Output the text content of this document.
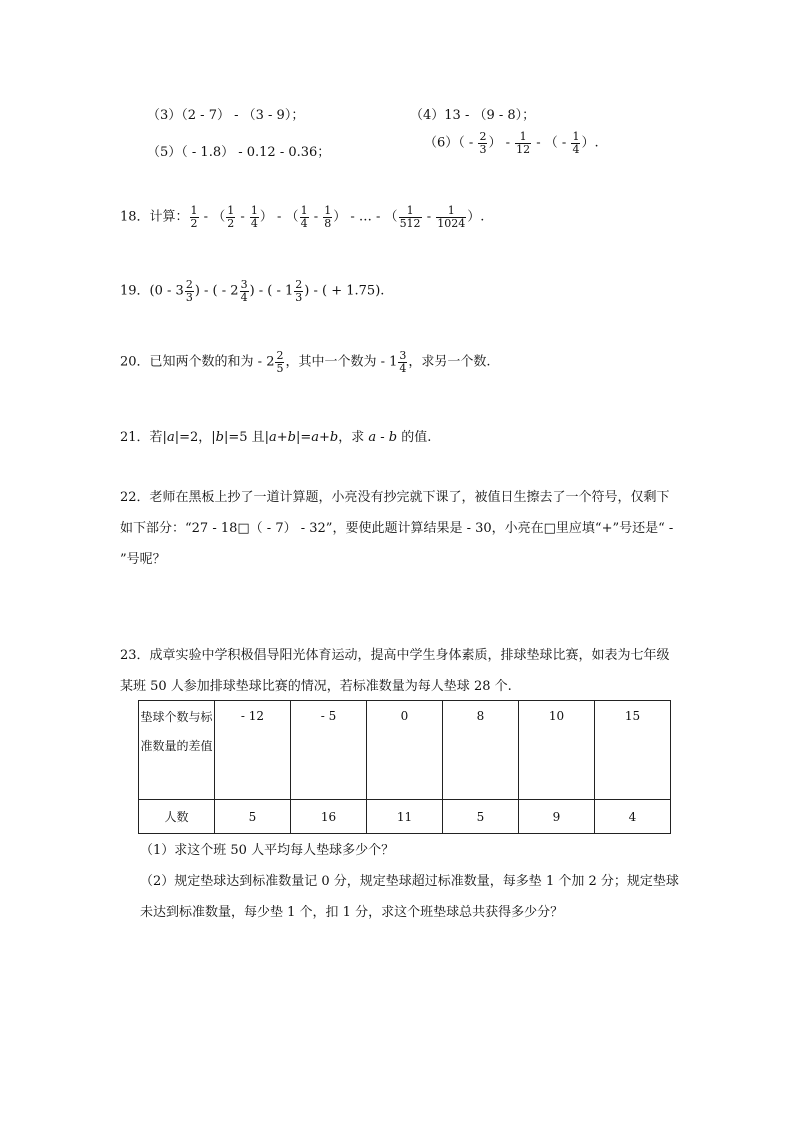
（3）（2 - 7） - （3 - 9）；	（4）13 - （9 - 8）；
（5）（ - 1.8） - 0.12 - 0.36；
$(6)( - \frac{2}{3}$ ） - $\frac{1}{12}$ - （ - $\frac{1}{4}$ ）.
18．计算： $\frac{1}{2}$ - （ $\frac{1}{2} - \frac{1}{4}$ ） - （ $\frac{1}{4} - \frac{1}{8}$ ） - … - （ $\frac{1}{512} - \frac{1}{1024}$ ）.
19．($0 - 3 \frac{2}{3}$ ) - ( - $2 \frac{3}{4}$ ) - ( - $1 \frac{2}{3}$ ) - ( + 1.75).
20．已知两个数的和为 - $2 \frac{2}{5}$ ，其中一个数为 - $1 \frac{3}{4}$ ，求另一个数.
21．若|a|=2，|b|=5 且|a+b|=a+b，求 a - b 的值.
22．老师在黑板上抄了一道计算题，小亮没有抄完就下课了，被值日生擦去了一个符号，仅剩下如下部分：“27 - 18□（ - 7） - 32”，要使此题计算结果是 - 30，小亮在□里应填“+”号还是“ - ”号呢？
23．成章实验中学积极倡导阳光体育运动，提高中学生身体素质，排球垫球比赛，如表为七年级某班 50 人参加排球垫球比赛的情况，若标准数量为每人垫球 28 个.
垫球个数与标准数量的差值	- 12	- 5	0	8	10	15
人数	5	16	11	5	9	4
（1）求这个班 50 人平均每人垫球多少个？
（2）规定垫球达到标准数量记 0 分，规定垫球超过标准数量，每多垫 1 个加 2 分；规定垫球未达到标准数量，每少垫 1 个，扣 1 分，求这个班垫球总共获得多少分？
